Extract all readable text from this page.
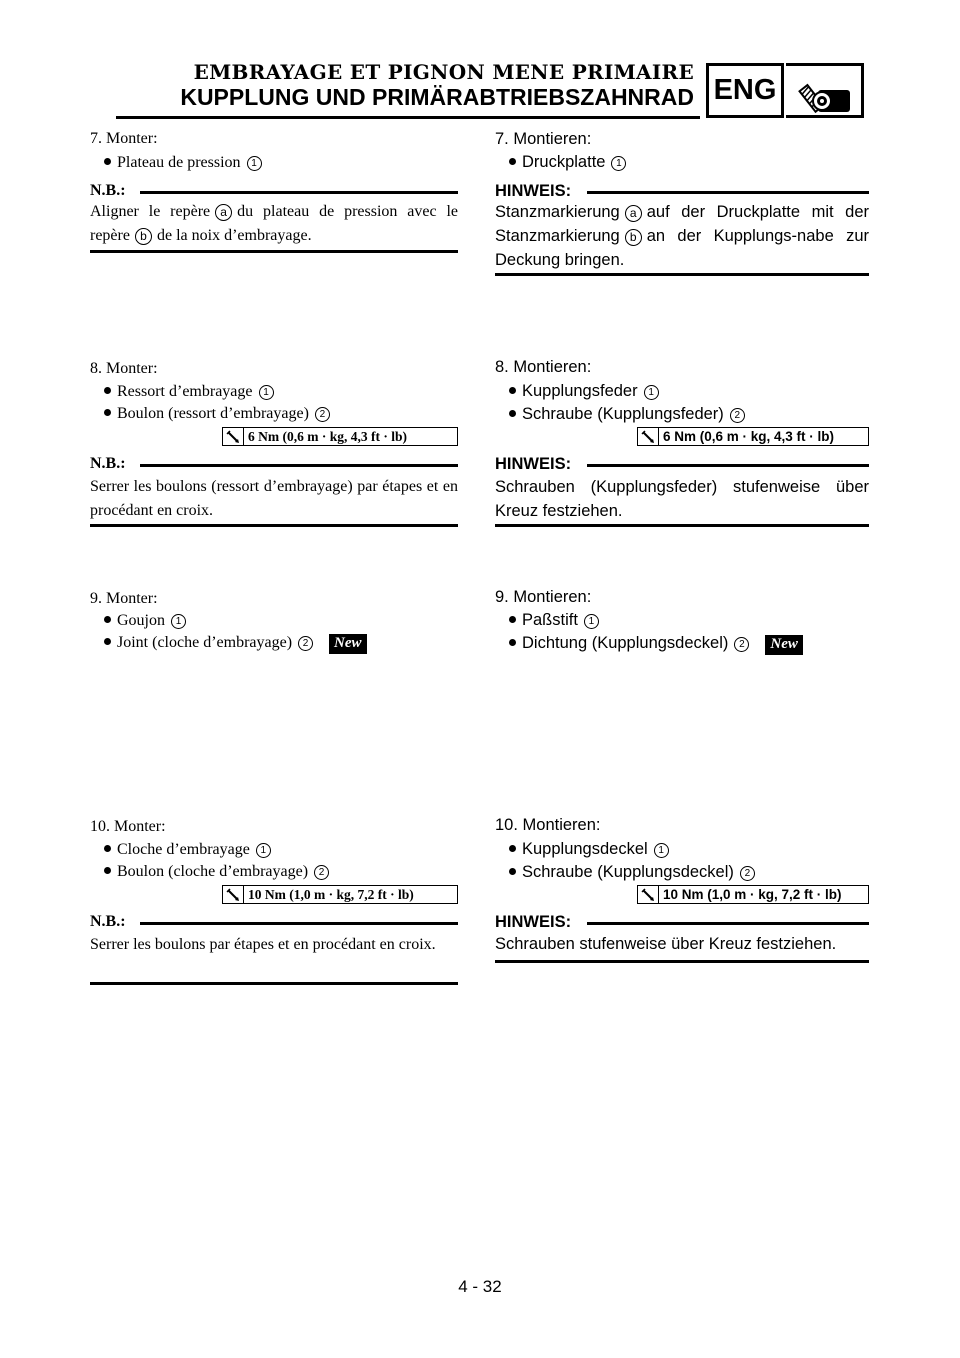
EMBRAYAGE ET PIGNON MENE PRIMAIRE
KUPPLUNG UND PRIMÄRABTRIEBSZAHNRAD ENG
7. Monter:
Plateau de pression 1
N.B.:
Aligner le repère a du plateau de pression avec le repère b de la noix d’embrayage.
8. Monter:
Ressort d’embrayage 1
Boulon (ressort d’embrayage) 2
6 Nm (0,6 m · kg, 4,3 ft · lb)
N.B.:
Serrer les boulons (ressort d’embrayage) par étapes et en procédant en croix.
9. Monter:
Goujon 1
Joint (cloche d’embrayage) 2 New
10. Monter:
Cloche d’embrayage 1
Boulon (cloche d’embrayage) 2
10 Nm (1,0 m · kg, 7,2 ft · lb)
N.B.:
Serrer les boulons par étapes et en procédant en croix.
7. Montieren:
Druckplatte 1
HINWEIS:
Stanzmarkierung a auf der Druckplatte mit der Stanzmarkierung b an der Kupplungs-nabe zur Deckung bringen.
8. Montieren:
Kupplungsfeder 1
Schraube (Kupplungsfeder) 2
6 Nm (0,6 m · kg, 4,3 ft · lb)
HINWEIS:
Schrauben (Kupplungsfeder) stufenweise über Kreuz festziehen.
9. Montieren:
Paßstift 1
Dichtung (Kupplungsdeckel) 2 New
10. Montieren:
Kupplungsdeckel 1
Schraube (Kupplungsdeckel) 2
10 Nm (1,0 m · kg, 7,2 ft · lb)
HINWEIS:
Schrauben stufenweise über Kreuz festziehen.
4 - 32
